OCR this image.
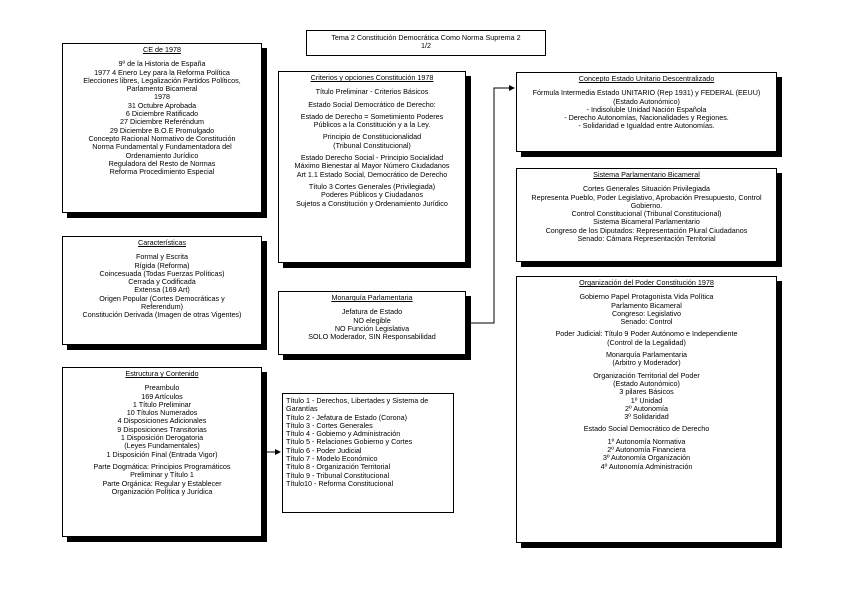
Tema 2 Constitución Democrática Como Norma Suprema 2
1/2
CE de 1978
9º de la Historia de España
1977 4 Enero Ley para la Reforma Política
Elecciones libres, Legalización Partidos Políticos,
Parlamento Bicameral
1978
31 Octubre Aprobada
6 Diciembre Ratificado
27 Diciembre Referéndum
29 Diciembre B.O.E Promulgado
Concepto Racional Normativo de Constitución
Norma Fundamental y Fundamentadora del
Ordenamiento Jurídico
Reguladora del Resto de Normas
Reforma Procedimiento Especial
Características
Formal y Escrita
Rígida (Reforma)
Coincesuada (Todas Fuerzas Políticas)
Cerrada y Codificada
Extensa (169 Art)
Origen Popular (Cortes Democráticas y
Referendum)
Constitución Derivada (Imagen de otras Vigentes)
Estructura y Contenido
Preambulo
169 Artículos
1 Título Preliminar
10 Títulos Numerados
4 Disposiciones Adicionales
9 Disposiciones Transitorias
1 Disposición Derogatoria
(Leyes Fundamentales)
1 Disposición Final (Entrada Vigor)
Parte Dogmática: Principios Programáticos
Preliminar y Título 1
Parte Orgánica: Regular y Establecer
Organización Política y Jurídica
Título 1 - Derechos, Libertades y Sistema de
Garantías
Título 2 - Jefatura de Estado (Corona)
Título 3 - Cortes Generales
Título 4 - Gobierno y Administración
Título 5 - Relaciones Gobierno y Cortes
Título 6 - Poder Judicial
Título 7 - Modelo Económico
Título 8 - Organización Territorial
Título 9 - Tribunal Constitucional
Título10 - Reforma Constitucional
Criterios y opciones Constitución 1978
Título Preliminar - Criterios Básicos
Estado Social Democrático de Derecho:
Estado de Derecho = Sometimiento Poderes
Públicos a la Constitución y a la Ley.
Principio de Constitucionalidad
(Tribunal Constitucional)
Estado Derecho Social - Principio Socialidad
Máximo Bienestar al Mayor Número Ciudadanos
Art 1.1 Estado Social, Democrático de Derecho
Título 3 Cortes Generales (Privilegiada)
Poderes Públicos y Ciudadanos
Sujetos a Constitución y Ordenamiento Jurídico
Monarquía Parlamentaria
Jefatura de Estado
NO elegible
NO Función Legislativa
SOLO Moderador, SIN Responsabilidad
Concepto Estado Unitario Descentralizado
Fórmula Intermedia Estado UNITARIO (Rep 1931) y FEDERAL (EEUU)
(Estado Autonómico)
- Indisoluble Unidad Nación Española
- Derecho Autonomías, Nacionalidades y Regiones.
- Solidaridad e Igualdad entre Autonomías.
Sistema Parlamentario Bicameral
Cortes Generales Situación Privilegiada
Representa Pueblo, Poder Legislativo, Aprobación Presupuesto, Control
Gobierno.
Control Constitucional (Tribunal Constitucional)
Sistema Bicameral Parlamentario
Congreso de los Diputados: Representación Plural Ciudadanos
Senado: Cámara Representación Territorial
Organización del Poder Constitución 1978
Gobierno Papel Protagonista Vida Política
Parlamento Bicameral
Congreso: Legislativo
Senado: Control
Poder Judicial: Título 9 Poder Autónomo e Independiente
(Control de la Legalidad)
Monarquía Parlamentaria
(Arbitro y Moderador)
Organización Territorial del Poder
(Estado Autonómico)
3 pilares Básicos
1º Unidad
2º Autonomía
3º Solidaridad
Estado Social Democrático de Derecho
1º Autonomía Normativa
2º Autonomía Financiera
3º Autonomía Organización
4º Autonomía Administración
